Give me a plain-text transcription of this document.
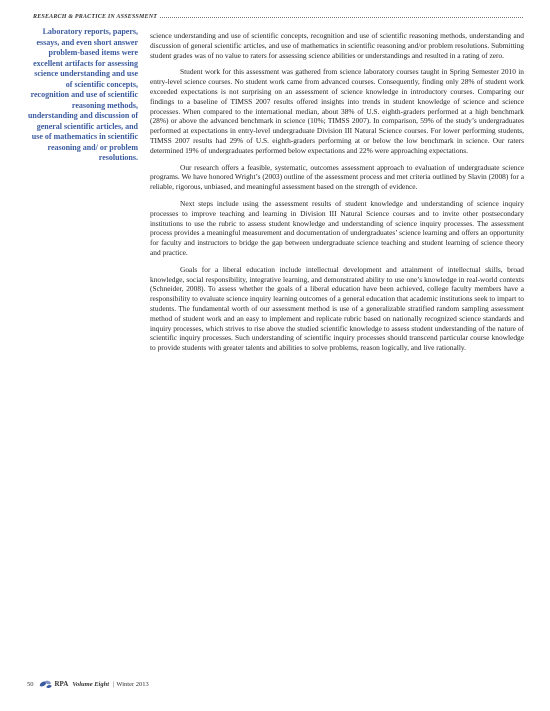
RESEARCH & PRACTICE IN ASSESSMENT
Laboratory reports, papers, essays, and even short answer problem-based items were excellent artifacts for assessing science understanding and use of scientific concepts, recognition and use of scientific reasoning methods, understanding and discussion of general scientific articles, and use of mathematics in scientific reasoning and/ or problem resolutions.

science understanding and use of scientific concepts, recognition and use of scientific reasoning methods, understanding and discussion of general scientific articles, and use of mathematics in scientific reasoning and/or problem resolutions. Submitting student grades was of no value to raters for assessing science abilities or understandings and resulted in a rating of zero.

Student work for this assessment was gathered from science laboratory courses taught in Spring Semester 2010 in entry-level science courses. No student work came from advanced courses. Consequently, finding only 28% of student work exceeded expectations is not surprising on an assessment of science knowledge in introductory courses. Comparing our findings to a baseline of TIMSS 2007 results offered insights into trends in student knowledge of science and science processes. When compared to the international median, about 38% of U.S. eighth-graders performed at a high benchmark (28%) or above the advanced benchmark in science (10%; TIMSS 2007). In comparison, 59% of the study’s undergraduates performed at expectations in entry-level undergraduate Division III Natural Science courses. For lower performing students, TIMSS 2007 results had 29% of U.S. eighth-graders performing at or below the low benchmark in science. Our raters determined 19% of undergraduates performed below expectations and 22% were approaching expectations.

Our research offers a feasible, systematic, outcomes assessment approach to evaluation of undergraduate science programs. We have honored Wright’s (2003) outline of the assessment process and met criteria outlined by Slavin (2008) for a reliable, rigorous, unbiased, and meaningful assessment based on the strength of evidence.

Next steps include using the assessment results of student knowledge and understanding of science inquiry processes to improve teaching and learning in Division III Natural Science courses and to invite other postsecondary institutions to use the rubric to assess student knowledge and understanding of science inquiry processes. The assessment process provides a meaningful measurement and documentation of undergraduates’ science learning and offers an opportunity for faculty and instructors to bridge the gap between undergraduate science teaching and student learning of science theory and practice.

Goals for a liberal education include intellectual development and attainment of intellectual skills, broad knowledge, social responsibility, integrative learning, and demonstrated ability to use one’s knowledge in real-world contexts (Schneider, 2008). To assess whether the goals of a liberal education have been achieved, college faculty members have a responsibility to evaluate science inquiry learning outcomes of a general education that academic institutions seek to impart to students. The fundamental worth of our assessment method is use of a generalizable stratified random sampling assessment method of student work and an easy to implement and replicate rubric based on nationally recognized science standards and inquiry processes, which strives to rise above the studied scientific knowledge to assess student understanding of the nature of scientific inquiry processes. Such understanding of scientific inquiry processes should transcend particular course knowledge to provide students with greater talents and abilities to solve problems, reason logically, and live rationally.

50	RPA Volume Eight | Winter 2013
